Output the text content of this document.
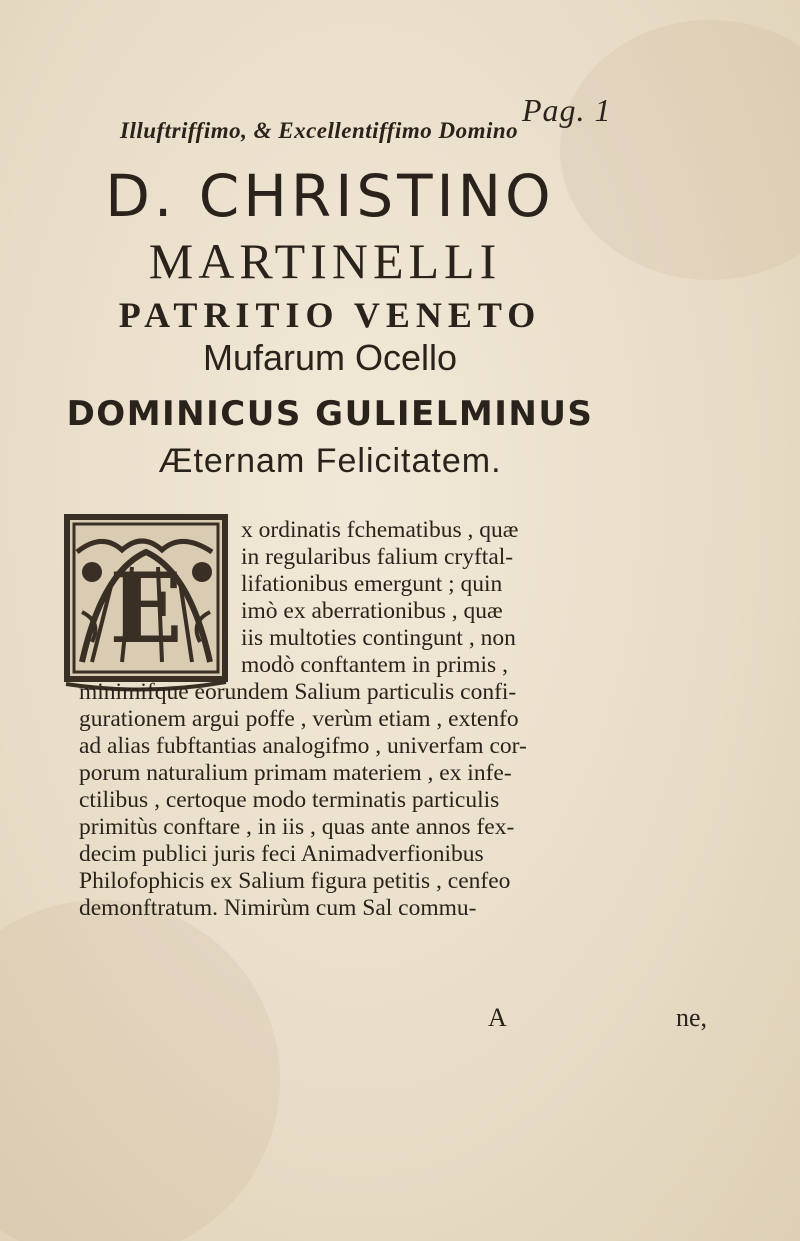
Pag. 1
Illuftriffimo, & Excellentiffimo Domino
D. CHRISTINO
MARTINELLI
PATRITIO VENETO
Mufarum Ocello
DOMINICUS GULIELMINUS
Æternam Felicitatem.
E
x ordinatis fchematibus , quæ
in regularibus falium cryftal-
lifationibus emergunt ; quin
imò ex aberrationibus , quæ
iis multoties contingunt , non
modò conftantem in primis ,
minimifque eorundem Salium particulis confi-
gurationem argui poffe , verùm etiam , extenfo
ad alias fubftantias analogifmo , univerfam cor-
porum naturalium primam materiem , ex infe-
ctilibus , certoque modo terminatis particulis
primitùs conftare , in iis , quas ante annos fex-
decim publici juris feci Animadverfionibus
Philofophicis ex Salium figura petitis , cenfeo
demonftratum. Nimirùm cum Sal commu-
A	ne,
